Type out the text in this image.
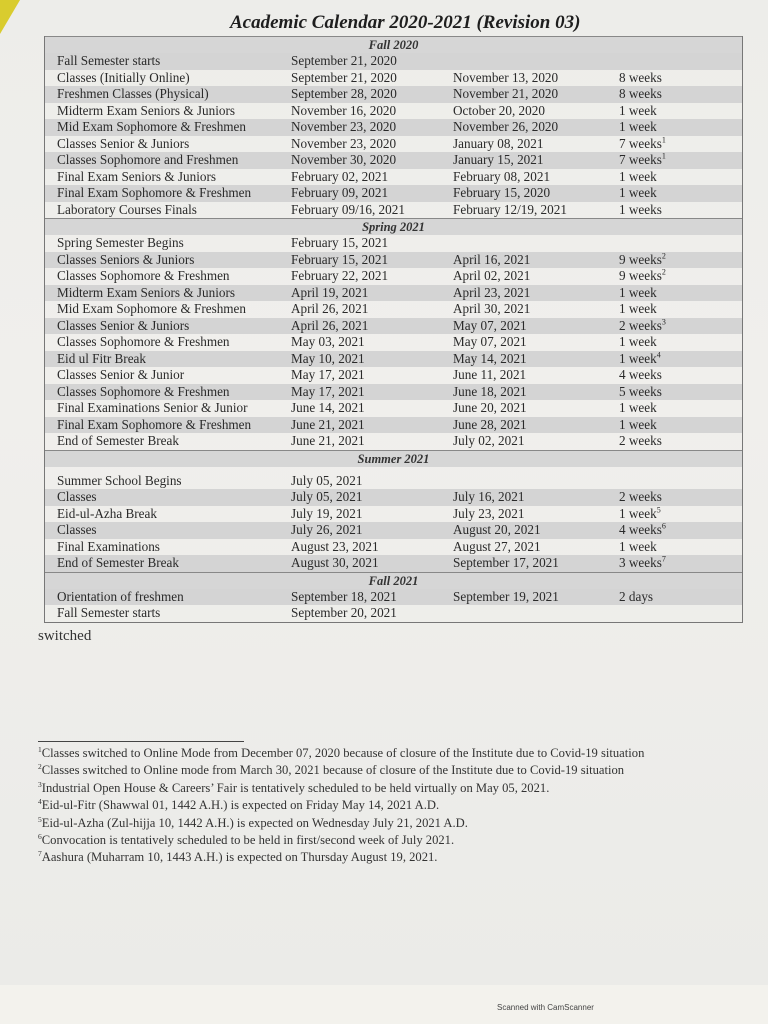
Academic Calendar 2020-2021 (Revision 03)
Fall 2020
Fall Semester starts	September 21, 2020
Classes (Initially Online)	September 21, 2020	November 13, 2020	8 weeks
Freshmen Classes (Physical)	September 28, 2020	November 21, 2020	8 weeks
Midterm Exam Seniors & Juniors	November 16, 2020	October 20, 2020	1 week
Mid Exam Sophomore & Freshmen	November 23, 2020	November 26, 2020	1 week
Classes Senior & Juniors	November 23, 2020	January 08, 2021	7 weeks$^1$
Classes Sophomore and Freshmen	November 30, 2020	January 15, 2021	7 weeks$^1$
Final Exam Seniors & Juniors	February 02, 2021	February 08, 2021	1 week
Final Exam Sophomore & Freshmen	February 09, 2021	February 15, 2020	1 week
Laboratory Courses Finals	February 09/16, 2021	February 12/19, 2021	1 weeks
Spring 2021
Spring Semester Begins	February 15, 2021
Classes Seniors & Juniors	February 15, 2021	April 16, 2021	9 weeks$^2$
Classes Sophomore & Freshmen	February 22, 2021	April 02, 2021	9 weeks$^2$
Midterm Exam Seniors & Juniors	April 19, 2021	April 23, 2021	1 week
Mid Exam Sophomore & Freshmen	April 26, 2021	April 30, 2021	1 week
Classes Senior & Juniors	April 26, 2021	May 07, 2021	2 weeks$^3$
Classes Sophomore & Freshmen	May 03, 2021	May 07, 2021	1 week
Eid ul Fitr Break	May 10, 2021	May 14, 2021	1 week$^4$
Classes Senior & Junior	May 17, 2021	June 11, 2021	4 weeks
Classes Sophomore & Freshmen	May 17, 2021	June 18, 2021	5 weeks
Final Examinations Senior & Junior	June 14, 2021	June 20, 2021	1 week
Final Exam Sophomore & Freshmen	June 21, 2021	June 28, 2021	1 week
End of Semester Break	June 21, 2021	July 02, 2021	2 weeks
Summer 2021
Summer School Begins	July 05, 2021
Classes	July 05, 2021	July 16, 2021	2 weeks
Eid-ul-Azha Break	July 19, 2021	July 23, 2021	1 week$^5$
Classes	July 26, 2021	August 20, 2021	4 weeks$^6$
Final Examinations	August 23, 2021	August 27, 2021	1 week
End of Semester Break	August 30, 2021	September 17, 2021	3 weeks$^7$
Fall 2021
Orientation of freshmen	September 18, 2021	September 19, 2021	2 days
Fall Semester starts	September 20, 2021
switched
$^1$Classes switched to Online Mode from December 07, 2020 because of closure of the Institute due to Covid-19 situation
$^2$Classes switched to Online mode from March 30, 2021 because of closure of the Institute due to Covid-19 situation
$^3$Industrial Open House & Careers’ Fair is tentatively scheduled to be held virtually on May 05, 2021.
$^4$Eid-ul-Fitr (Shawwal 01, 1442 A.H.) is expected on Friday May 14, 2021 A.D.
$^5$Eid-ul-Azha (Zul-hijja 10, 1442 A.H.) is expected on Wednesday July 21, 2021 A.D.
$^6$Convocation is tentatively scheduled to be held in first/second week of July 2021.
$^7$Aashura (Muharram 10, 1443 A.H.) is expected on Thursday August 19, 2021.
Scanned with CamScanner
